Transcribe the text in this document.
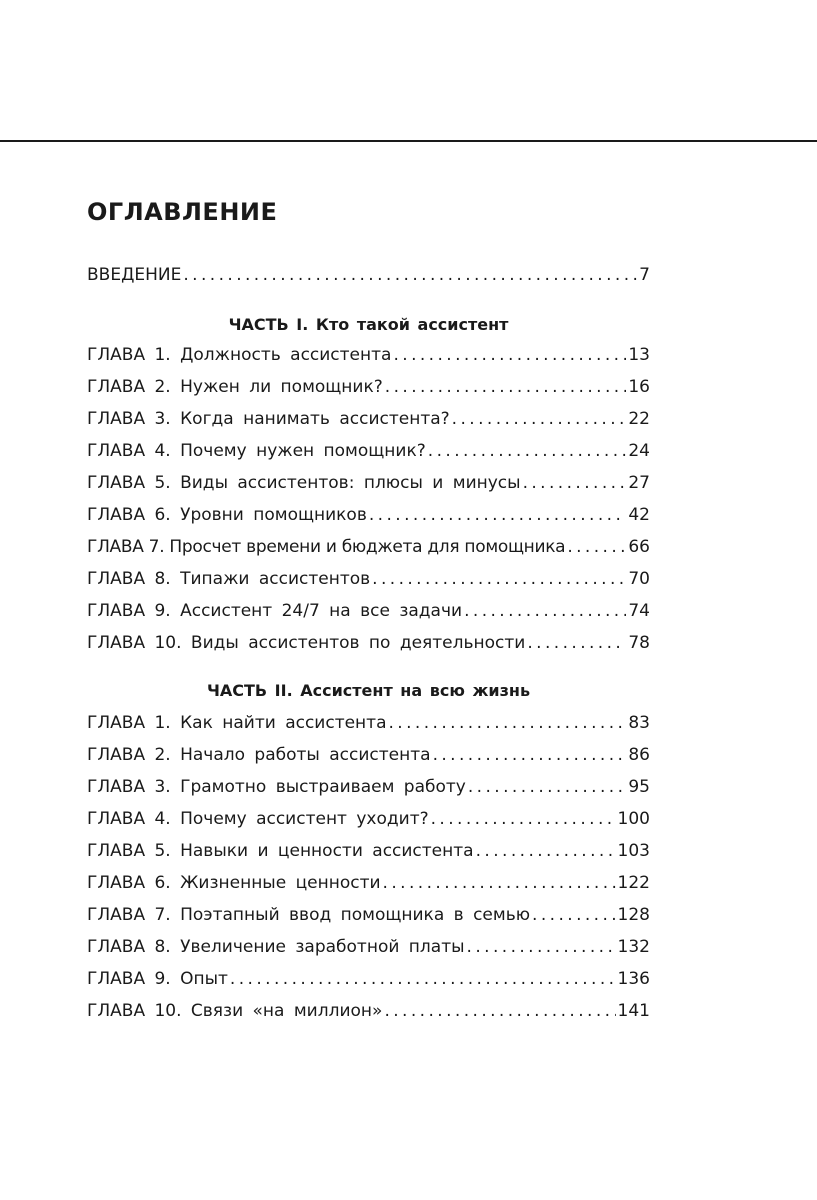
ОГЛАВЛЕНИЕ
ВВЕДЕНИЕ . . .	7
ЧАСТЬ I. Кто такой ассистент
ГЛАВА 1. Должность ассистента . . .	13
ГЛАВА 2. Нужен ли помощник? . . .	16
ГЛАВА 3. Когда нанимать ассистента? . . .	22
ГЛАВА 4. Почему нужен помощник? . . .	24
ГЛАВА 5. Виды ассистентов: плюсы и минусы . . .	27
ГЛАВА 6. Уровни помощников . . .	42
ГЛАВА 7. Просчет времени и бюджета для помощника . . .	66
ГЛАВА 8. Типажи ассистентов . . .	70
ГЛАВА 9. Ассистент 24/7 на все задачи . . .	74
ГЛАВА 10. Виды ассистентов по деятельности . . .	78
ЧАСТЬ II. Ассистент на всю жизнь
ГЛАВА 1. Как найти ассистента . . .	83
ГЛАВА 2. Начало работы ассистента . . .	86
ГЛАВА 3. Грамотно выстраиваем работу . . .	95
ГЛАВА 4. Почему ассистент уходит? . . .	100
ГЛАВА 5. Навыки и ценности ассистента . . .	103
ГЛАВА 6. Жизненные ценности . . .	122
ГЛАВА 7. Поэтапный ввод помощника в семью . . .	128
ГЛАВА 8. Увеличение заработной платы . . .	132
ГЛАВА 9. Опыт . . .	136
ГЛАВА 10. Связи «на миллион» . . .	141
